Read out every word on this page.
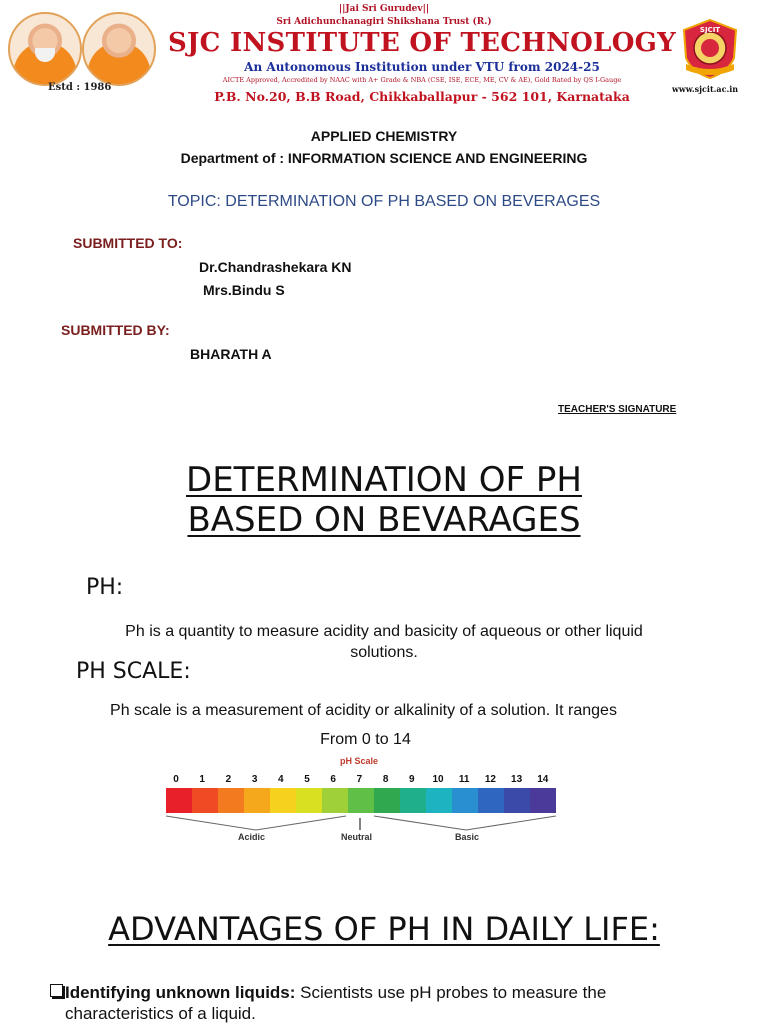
Estd : 1986
||Jai Sri Gurudev||
Sri Adichunchanagiri Shikshana Trust (R.)
SJC INSTITUTE OF TECHNOLOGY
An Autonomous Institution under VTU from 2024-25
AICTE Approved, Accredited by NAAC with A+ Grade & NBA (CSE, ISE, ECE, ME, CV & AE), Gold Rated by QS I-Gauge
P.B. No.20, B.B Road, Chikkaballapur - 562 101, Karnataka
SJCIT
www.sjcit.ac.in
APPLIED CHEMISTRY
Department of : INFORMATION SCIENCE AND ENGINEERING
TOPIC: DETERMINATION OF PH BASED ON BEVERAGES
SUBMITTED TO:
Dr.Chandrashekara KN
Mrs.Bindu S
SUBMITTED BY:
BHARATH A
TEACHER'S SIGNATURE
DETERMINATION OF PH
BASED ON BEVARAGES
PH:
Ph is a quantity to measure acidity and basicity of aqueous or other liquid
solutions.
PH SCALE:
Ph scale is a measurement of acidity or alkalinity of a solution. It ranges
From 0 to 14
pH Scale
0	1	2	3	4	5	6	7	8	9	10	11	12	13	14
Acidic	Neutral	Basic
ADVANTAGES OF PH IN DAILY LIFE:
Identifying unknown liquids: Scientists use pH probes to measure the
characteristics of a liquid.
